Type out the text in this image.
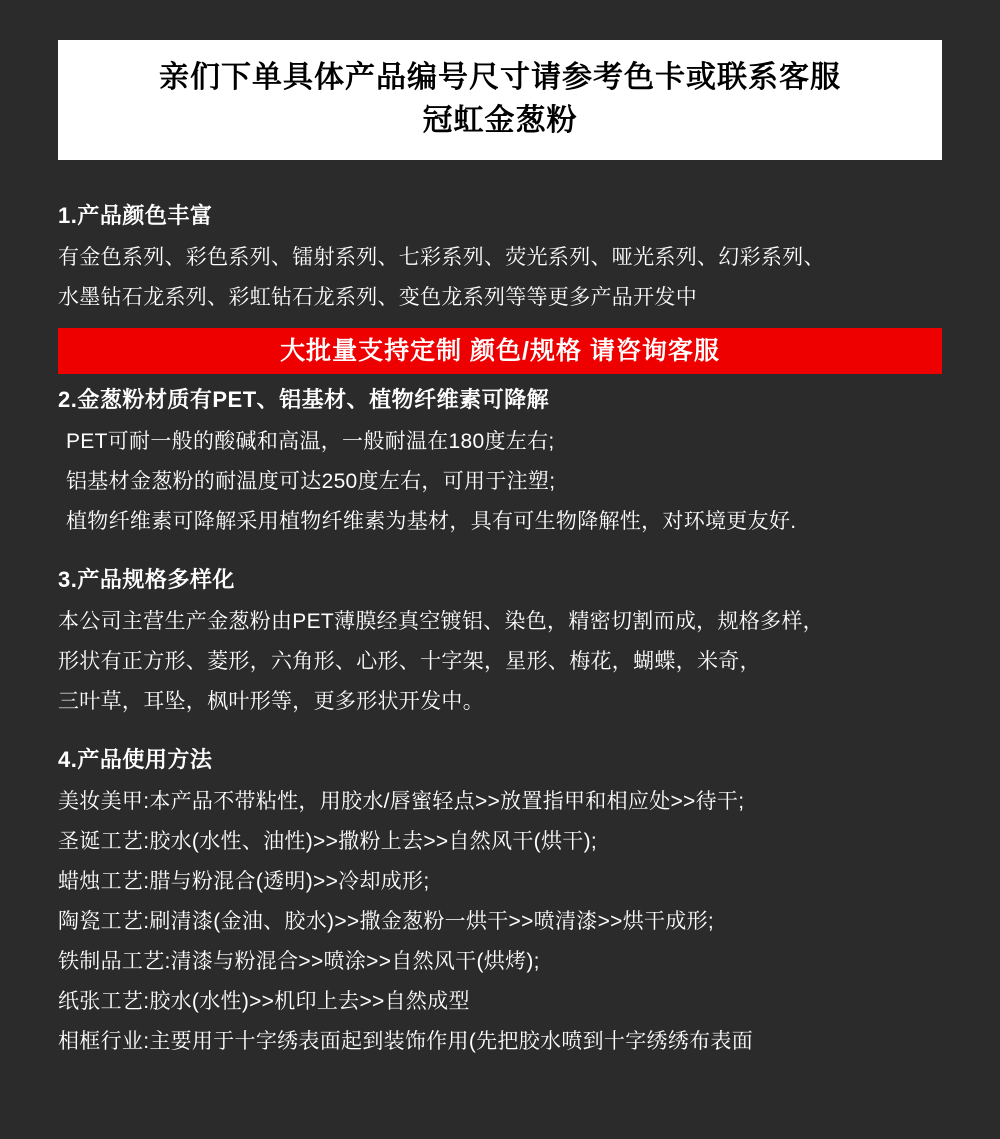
亲们下单具体产品编号尺寸请参考色卡或联系客服
冠虹金葱粉
1.产品颜色丰富
有金色系列、彩色系列、镭射系列、七彩系列、荧光系列、哑光系列、幻彩系列、
水墨钻石龙系列、彩虹钻石龙系列、变色龙系列等等更多产品开发中
大批量支持定制 颜色/规格 请咨询客服
2.金葱粉材质有PET、铝基材、植物纤维素可降解
PET可耐一般的酸碱和高温，一般耐温在180度左右;
铝基材金葱粉的耐温度可达250度左右，可用于注塑;
植物纤维素可降解采用植物纤维素为基材，具有可生物降解性，对环境更友好.
3.产品规格多样化
本公司主营生产金葱粉由PET薄膜经真空镀铝、染色，精密切割而成，规格多样，
形状有正方形、菱形，六角形、心形、十字架，星形、梅花，蝴蝶，米奇，
三叶草，耳坠，枫叶形等，更多形状开发中。
4.产品使用方法
美妆美甲:本产品不带粘性，用胶水/唇蜜轻点>>放置指甲和相应处>>待干;
圣诞工艺:胶水(水性、油性)>>撒粉上去>>自然风干(烘干);
蜡烛工艺:腊与粉混合(透明)>>冷却成形;
陶瓷工艺:刷清漆(金油、胶水)>>撒金葱粉一烘干>>喷清漆>>烘干成形;
铁制品工艺:清漆与粉混合>>喷涂>>自然风干(烘烤);
纸张工艺:胶水(水性)>>机印上去>>自然成型
相框行业:主要用于十字绣表面起到装饰作用(先把胶水喷到十字绣绣布表面
